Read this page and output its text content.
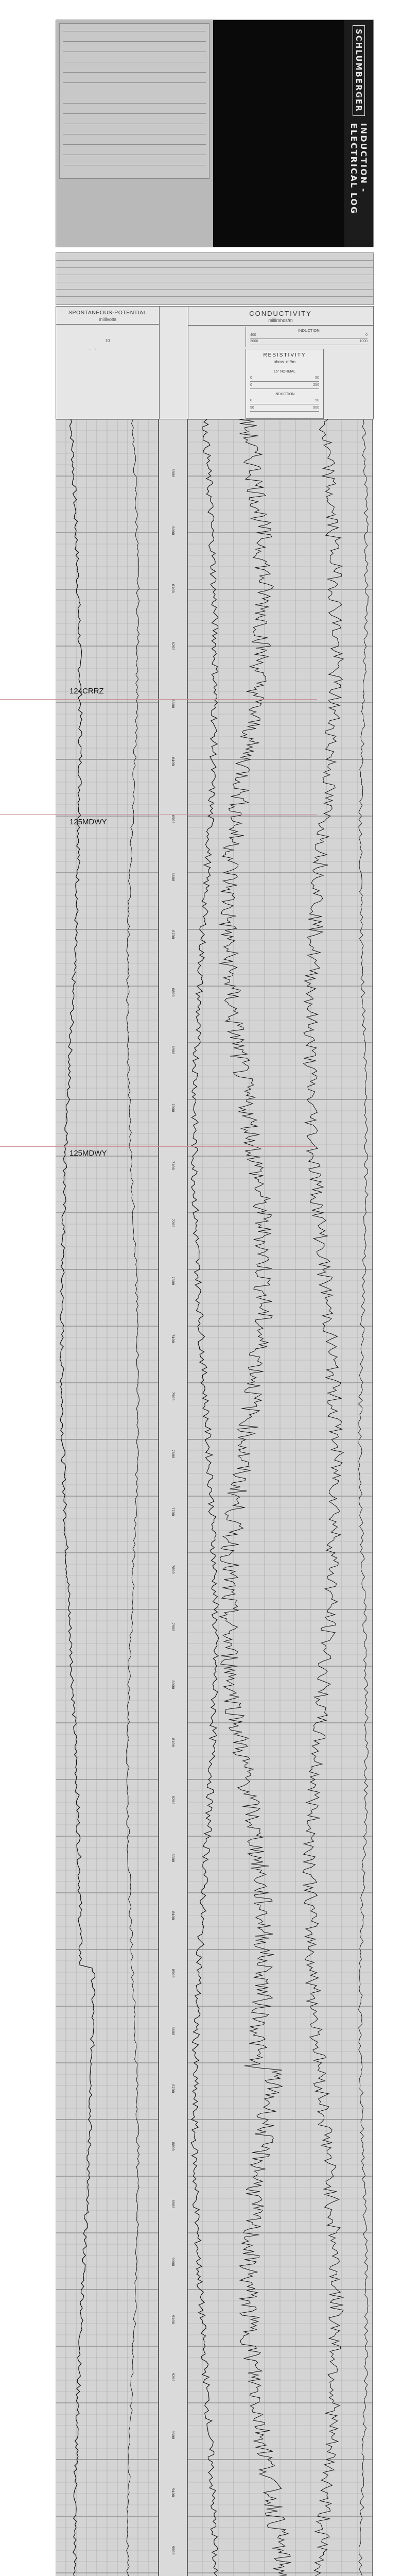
SCHLUMBERGER
INDUCTION - ELECTRICAL LOG
SPONTANEOUS-POTENTIAL
millivolts
10
- +
CONDUCTIVITY
millimhos/m
INDUCTION
400	0
2000	1000
RESISTIVITY
ohms. m²/m
16" NORMAL
0	50
0	250
INDUCTION
0	50
50	500
5900
6000
6100
6200
6300
6400
6500
6600
6700
6800
6900
7000
7100
7200
7300
7400
7500
7600
7700
7800
7900
8000
8100
8200
8300
8400
8500
8600
8700
8800
8900
9000
9100
9200
9300
9400
9500
124CRRZ
125MDWY
125MDWY
